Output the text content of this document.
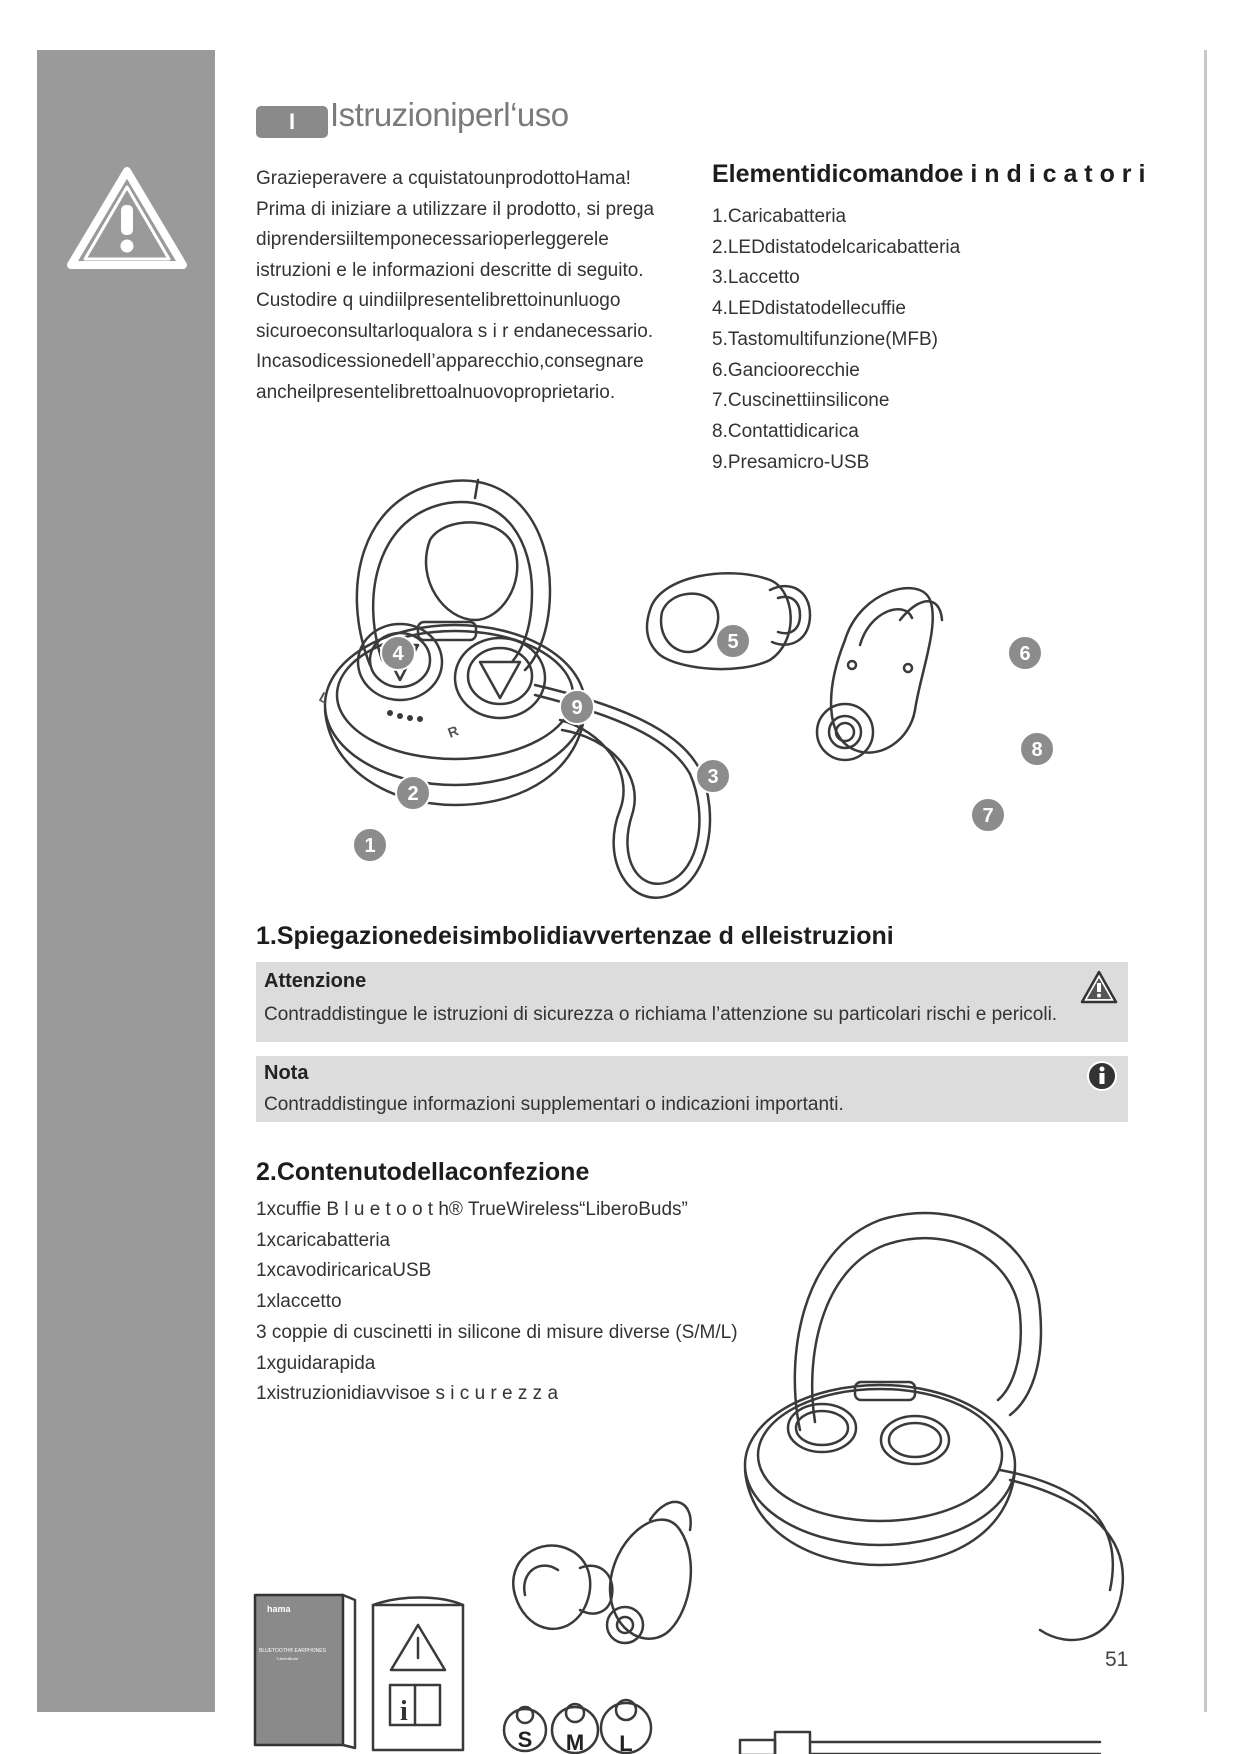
I	Istruzioniperl‘uso
Grazieperavere a cquistatounprodottoHama!
Prima di iniziare a utilizzare il prodotto, si prega
diprendersiiltemponecessarioperleggerele
istruzioni e le informazioni descritte di seguito.
Custodire q uindiilpresentelibrettoinunluogo
sicuroeconsultarloqualora s i r endanecessario.
Incasodicessionedell’apparecchio,consegnare
ancheilpresentelibrettoalnuovoproprietario.
Elementidicomandoe i n d i c a t o r i
1.Caricabatteria
2.LEDdistatodelcaricabatteria
3.Laccetto
4.LEDdistatodellecuffie
5.Tastomultifunzione(MFB)
6.Gancioorecchie
7.Cuscinettiinsilicone
8.Contattidicarica
9.Presamicro-USB
L
R
1
2
3
4
5
6
7
8
9
1.Spiegazionedeisimbolidiavvertenzae d elleistruzioni
Attenzione
Contraddistingue le istruzioni di sicurezza o richiama l’attenzione su particolari rischi e pericoli.
Nota
Contraddistingue informazioni supplementari o indicazioni importanti.
2.Contenutodellaconfezione
1xcuffie B l u e t o o t h® TrueWireless“LiberoBuds”
1xcaricabatteria
1xcavodiricaricaUSB
1xlaccetto
3 coppie di cuscinetti in silicone di misure diverse (S/M/L)
1xguidarapida
1xistruzionidiavvisoe s i c u r e z z a
hama
BLUETOOTH® EARPHONES
"LiberoBuds"
i
S M L
51
